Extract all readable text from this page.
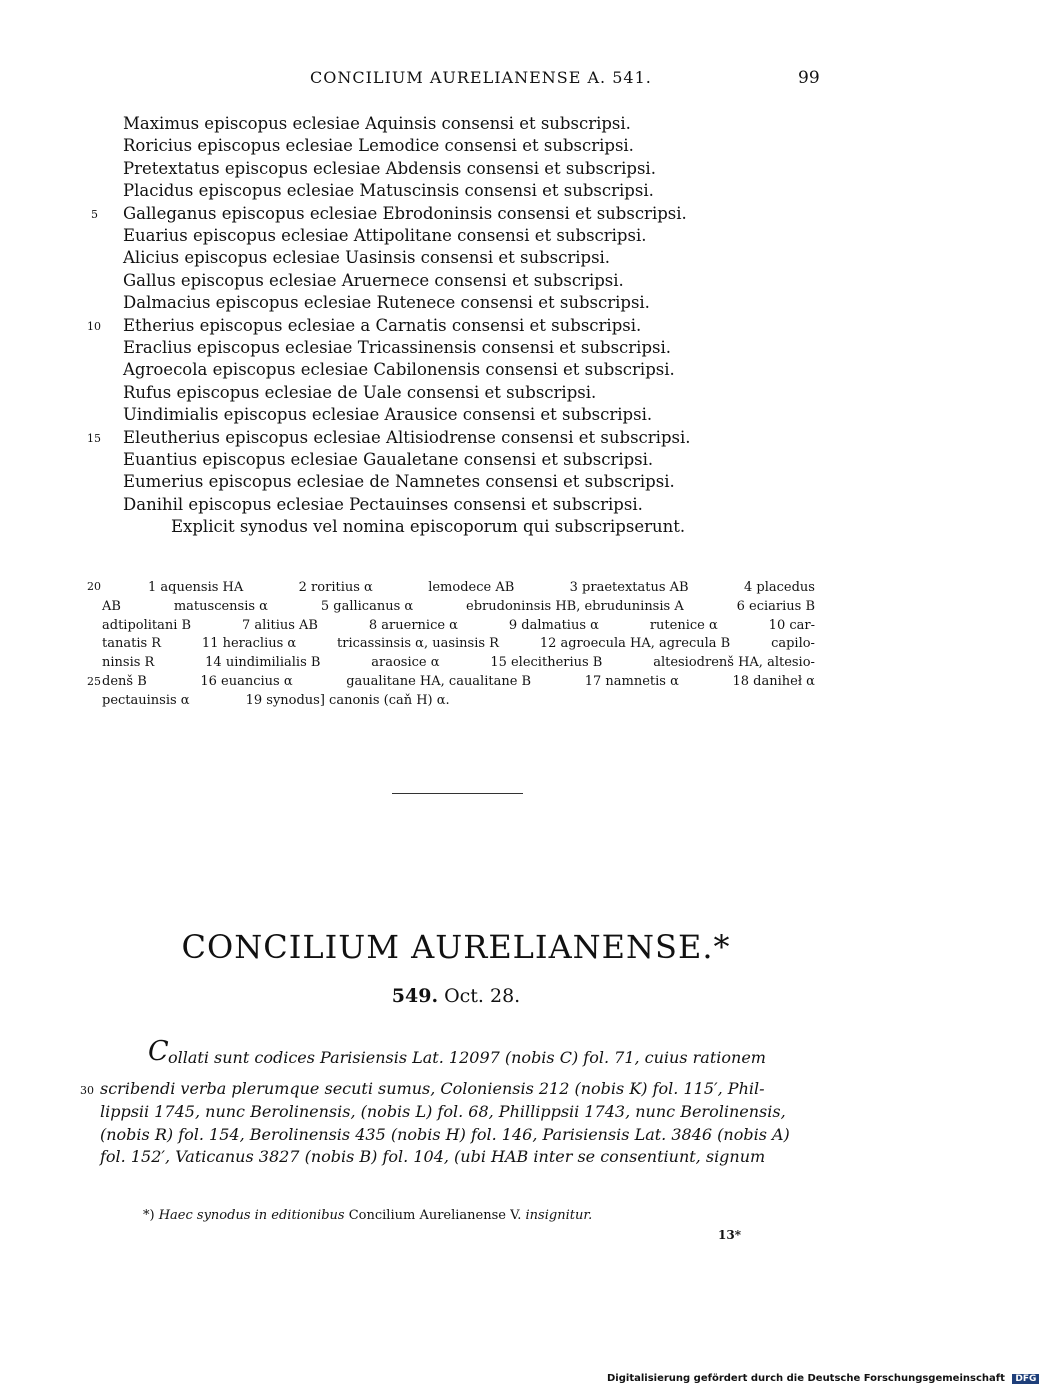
CONCILIUM AURELIANENSE A. 541.	99
Maximus episcopus eclesiae Aquinsis consensi et subscripsi.
Roricius episcopus eclesiae Lemodice consensi et subscripsi.
Pretextatus episcopus eclesiae Abdensis consensi et subscripsi.
Placidus episcopus eclesiae Matuscinsis consensi et subscripsi.
Galleganus episcopus eclesiae Ebrodoninsis consensi et subscripsi.
Euarius episcopus eclesiae Attipolitane consensi et subscripsi.
Alicius episcopus eclesiae Uasinsis consensi et subscripsi.
Gallus episcopus eclesiae Aruernece consensi et subscripsi.
Dalmacius episcopus eclesiae Rutenece consensi et subscripsi.
Etherius episcopus eclesiae a Carnatis consensi et subscripsi.
Eraclius episcopus eclesiae Tricassinensis consensi et subscripsi.
Agroecola episcopus eclesiae Cabilonensis consensi et subscripsi.
Rufus episcopus eclesiae de Uale consensi et subscripsi.
Uindimialis episcopus eclesiae Arausice consensi et subscripsi.
Eleutherius episcopus eclesiae Altisiodrense consensi et subscripsi.
Euantius episcopus eclesiae Gaualetane consensi et subscripsi.
Eumerius episcopus eclesiae de Namnetes consensi et subscripsi.
Danihil episcopus eclesiae Pectauinses consensi et subscripsi.
Explicit synodus vel nomina episcoporum qui subscripserunt.
5
10
15
20
25
30
1 aquensis HA	2 roritius α	lemodece AB	3 praetextatus AB	4 placedus
AB	matuscensis α	5 gallicanus α	ebrudoninsis HB, ebruduninsis A	6 eciarius B
adtipolitani B	7 alitius AB	8 aruernice α	9 dalmatius α	rutenice α	10 car-
tanatis R	11 heraclius α	tricassinsis α, uasinsis R	12 agroecula HA, agrecula B	capilo-
ninsis R	14 uindimilialis B	araosice α	15 elecitherius B	altesiodrenš HA, altesio-
denš B	16 euancius α	gaualitane HA, caualitane B	17 namnetis α	18 daniheł α
pectauinsis α	19 synodus] canonis (caň H) α.
CONCILIUM AURELIANENSE.*
549. Oct. 28.
C ollati sunt codices Parisiensis Lat. 12097 (nobis C) fol. 71, cuius rationem
scribendi verba plerumque secuti sumus, Coloniensis 212 (nobis K) fol. 115′, Phil-
lippsii 1745, nunc Berolinensis, (nobis L) fol. 68, Phillippsii 1743, nunc Berolinensis,
(nobis R) fol. 154, Berolinensis 435 (nobis H) fol. 146, Parisiensis Lat. 3846 (nobis A)
fol. 152′, Vaticanus 3827 (nobis B) fol. 104, (ubi HAB inter se consentiunt, signum
*) Haec synodus in editionibus Concilium Aurelianense V. insignitur.
13*
Digitalisierung gefördert durch die Deutsche Forschungsgemeinschaft DFG
